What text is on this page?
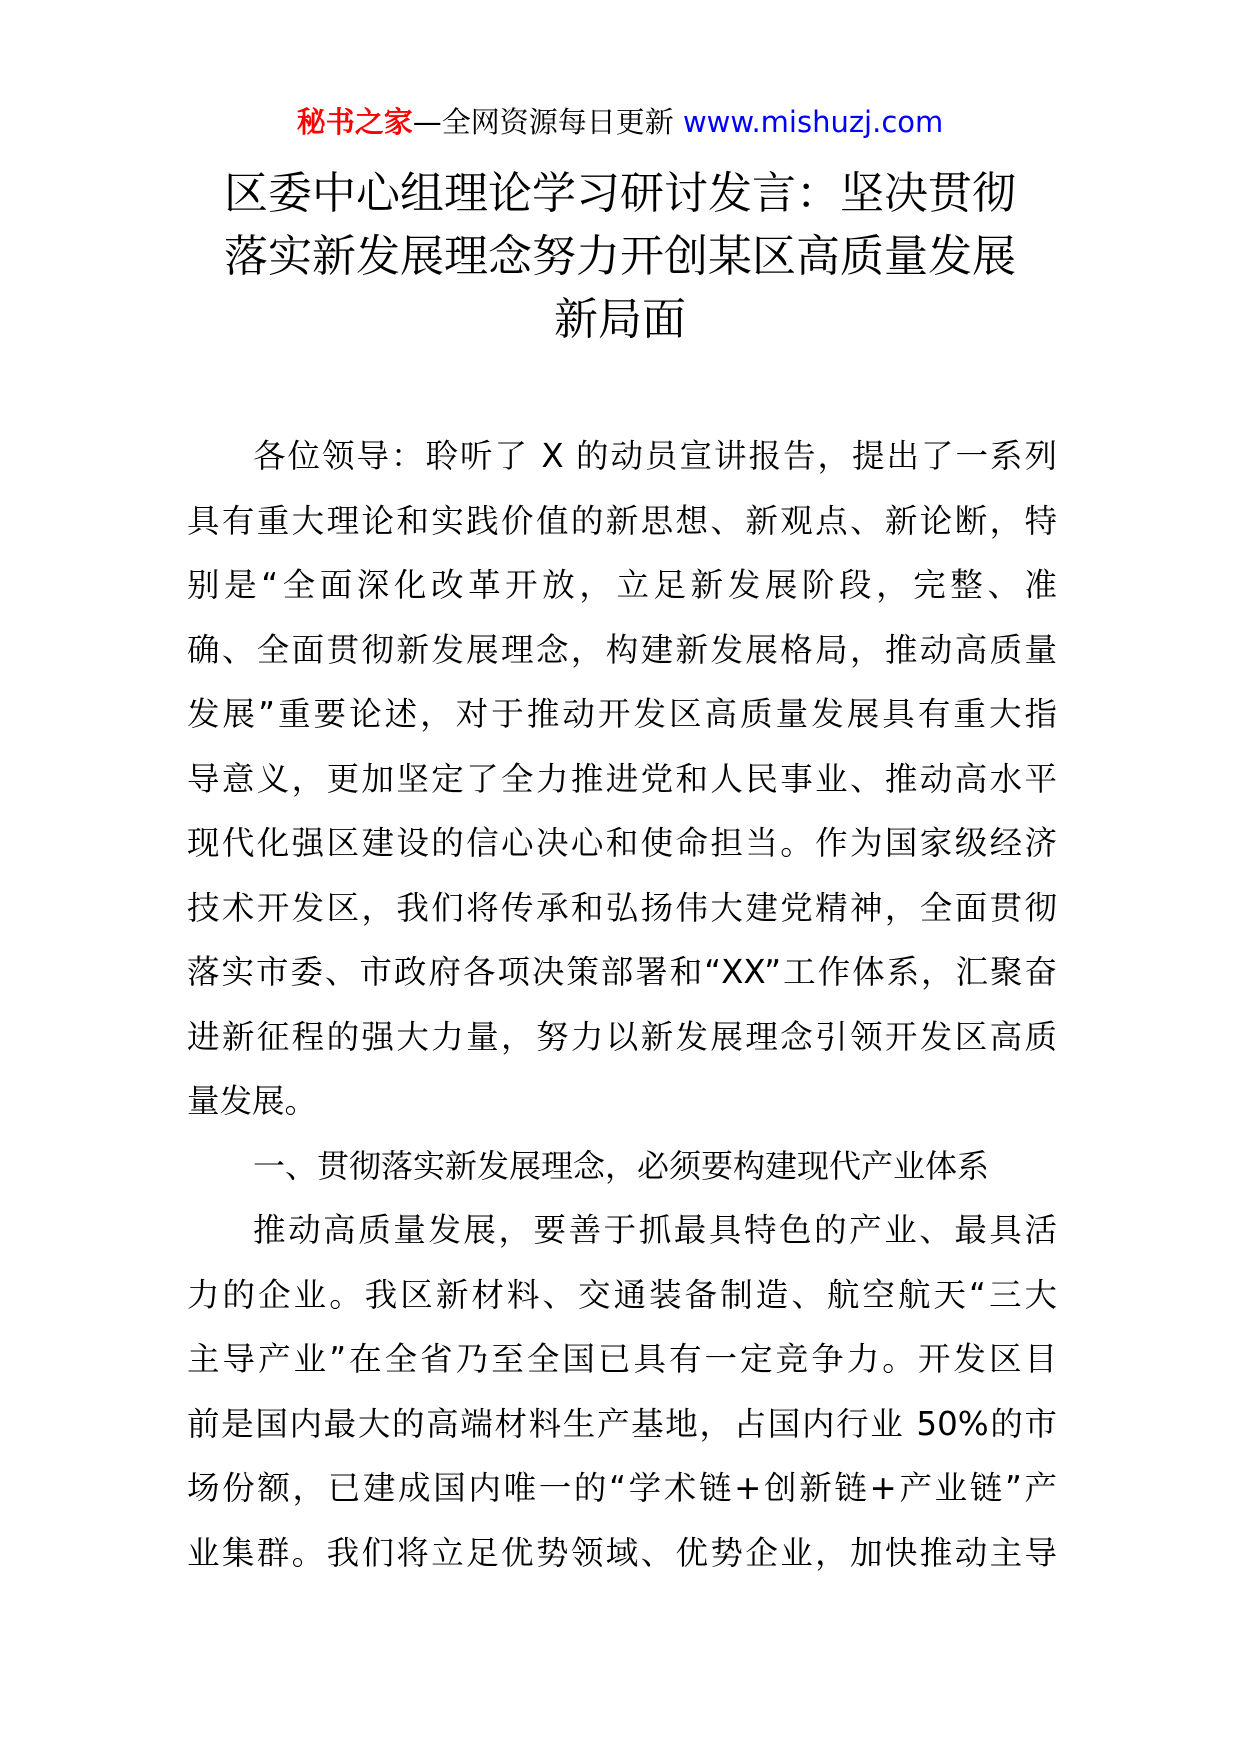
秘书之家—全网资源每日更新 www.mishuzj.com
区委中心组理论学习研讨发言：坚决贯彻
落实新发展理念努力开创某区高质量发展
新局面
各位领导：聆听了 X 的动员宣讲报告，提出了一系列
具有重大理论和实践价值的新思想、新观点、新论断，特
别是“全面深化改革开放，立足新发展阶段，完整、准
确、全面贯彻新发展理念，构建新发展格局，推动高质量
发展”重要论述，对于推动开发区高质量发展具有重大指
导意义，更加坚定了全力推进党和人民事业、推动高水平
现代化强区建设的信心决心和使命担当。作为国家级经济
技术开发区，我们将传承和弘扬伟大建党精神，全面贯彻
落实市委、市政府各项决策部署和“XX”工作体系，汇聚奋
进新征程的强大力量，努力以新发展理念引领开发区高质
量发展。
一、贯彻落实新发展理念，必须要构建现代产业体系
推动高质量发展，要善于抓最具特色的产业、最具活
力的企业。我区新材料、交通装备制造、航空航天“三大
主导产业”在全省乃至全国已具有一定竞争力。开发区目
前是国内最大的高端材料生产基地，占国内行业 50%的市
场份额，已建成国内唯一的“学术链+创新链+产业链”产
业集群。我们将立足优势领域、优势企业，加快推动主导
